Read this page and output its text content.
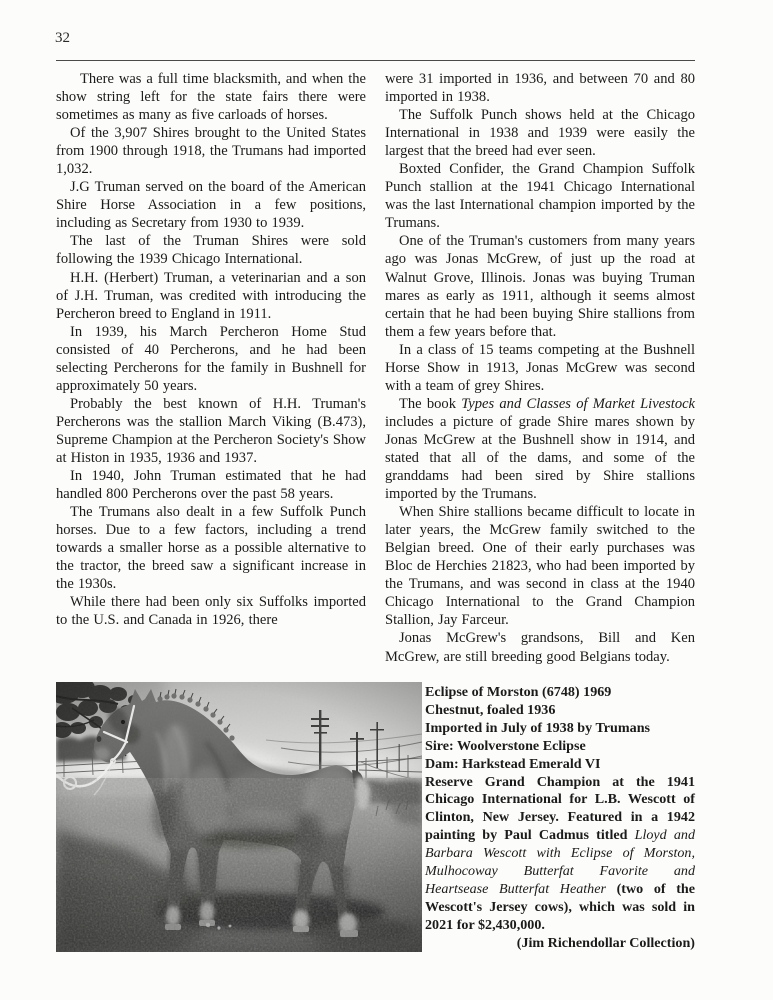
32

There was a full time blacksmith, and when the show string left for the state fairs there were sometimes as many as five carloads of horses.

Of the 3,907 Shires brought to the United States from 1900 through 1918, the Trumans had imported 1,032.

J.G Truman served on the board of the American Shire Horse Association in a few positions, including as Secretary from 1930 to 1939.

The last of the Truman Shires were sold following the 1939 Chicago International.

H.H. (Herbert) Truman, a veterinarian and a son of J.H. Truman, was credited with introducing the Percheron breed to England in 1911.

In 1939, his March Percheron Home Stud consisted of 40 Percherons, and he had been selecting Percherons for the family in Bushnell for approximately 50 years.

Probably the best known of H.H. Truman's Percherons was the stallion March Viking (B.473), Supreme Champion at the Percheron Society's Show at Histon in 1935, 1936 and 1937.

In 1940, John Truman estimated that he had handled 800 Percherons over the past 58 years.

The Trumans also dealt in a few Suffolk Punch horses. Due to a few factors, including a trend towards a smaller horse as a possible alternative to the tractor, the breed saw a significant increase in the 1930s.

While there had been only six Suffolks imported to the U.S. and Canada in 1926, there

were 31 imported in 1936, and between 70 and 80 imported in 1938.

The Suffolk Punch shows held at the Chicago International in 1938 and 1939 were easily the largest that the breed had ever seen.

Boxted Confider, the Grand Champion Suffolk Punch stallion at the 1941 Chicago International was the last International champion imported by the Trumans.

One of the Truman's customers from many years ago was Jonas McGrew, of just up the road at Walnut Grove, Illinois. Jonas was buying Truman mares as early as 1911, although it seems almost certain that he had been buying Shire stallions from them a few years before that.

In a class of 15 teams competing at the Bushnell Horse Show in 1913, Jonas McGrew was second with a team of grey Shires.

The book Types and Classes of Market Livestock includes a picture of grade Shire mares shown by Jonas McGrew at the Bushnell show in 1914, and stated that all of the dams, and some of the granddams had been sired by Shire stallions imported by the Trumans.

When Shire stallions became difficult to locate in later years, the McGrew family switched to the Belgian breed. One of their early purchases was Bloc de Herchies 21823, who had been imported by the Trumans, and was second in class at the 1940 Chicago International to the Grand Champion Stallion, Jay Farceur.

Jonas McGrew's grandsons, Bill and Ken McGrew, are still breeding good Belgians today.

Eclipse of Morston (6748) 1969
Chestnut, foaled 1936
Imported in July of 1938 by Trumans
Sire: Woolverstone Eclipse
Dam: Harkstead Emerald VI

Reserve Grand Champion at the 1941 Chicago International for L.B. Wescott of Clinton, New Jersey. Featured in a 1942 painting by Paul Cadmus titled Lloyd and Barbara Wescott with Eclipse of Morston, Mulhocoway Butterfat Favorite and Heartsease Butterfat Heather (two of the Wescott's Jersey cows), which was sold in 2021 for $2,430,000.

(Jim Richendollar Collection)
